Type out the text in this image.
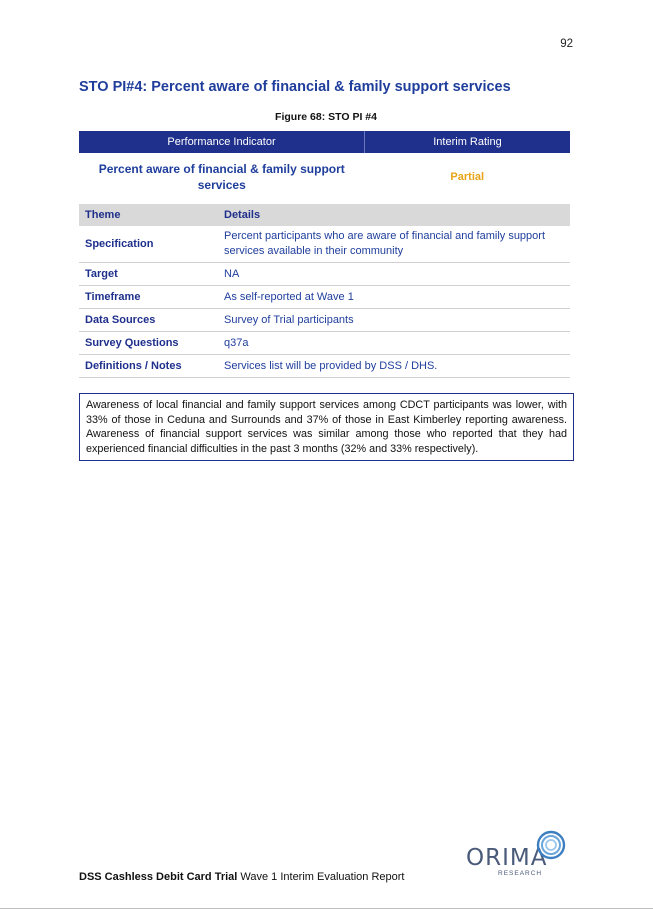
92
STO PI#4: Percent aware of financial & family support services
Figure 68: STO PI #4
Performance Indicator	Interim Rating
Percent aware of financial & family support services	Partial
Theme	Details
Specification	Percent participants who are aware of financial and family support services available in their community
Target	NA
Timeframe	As self-reported at Wave 1
Data Sources	Survey of Trial participants
Survey Questions	q37a
Definitions / Notes	Services list will be provided by DSS / DHS.
Awareness of local financial and family support services among CDCT participants was lower, with 33% of those in Ceduna and Surrounds and 37% of those in East Kimberley reporting awareness. Awareness of financial support services was similar among those who reported that they had experienced financial difficulties in the past 3 months (32% and 33% respectively).
DSS Cashless Debit Card Trial Wave 1 Interim Evaluation Report
ORIMA
RESEARCH
